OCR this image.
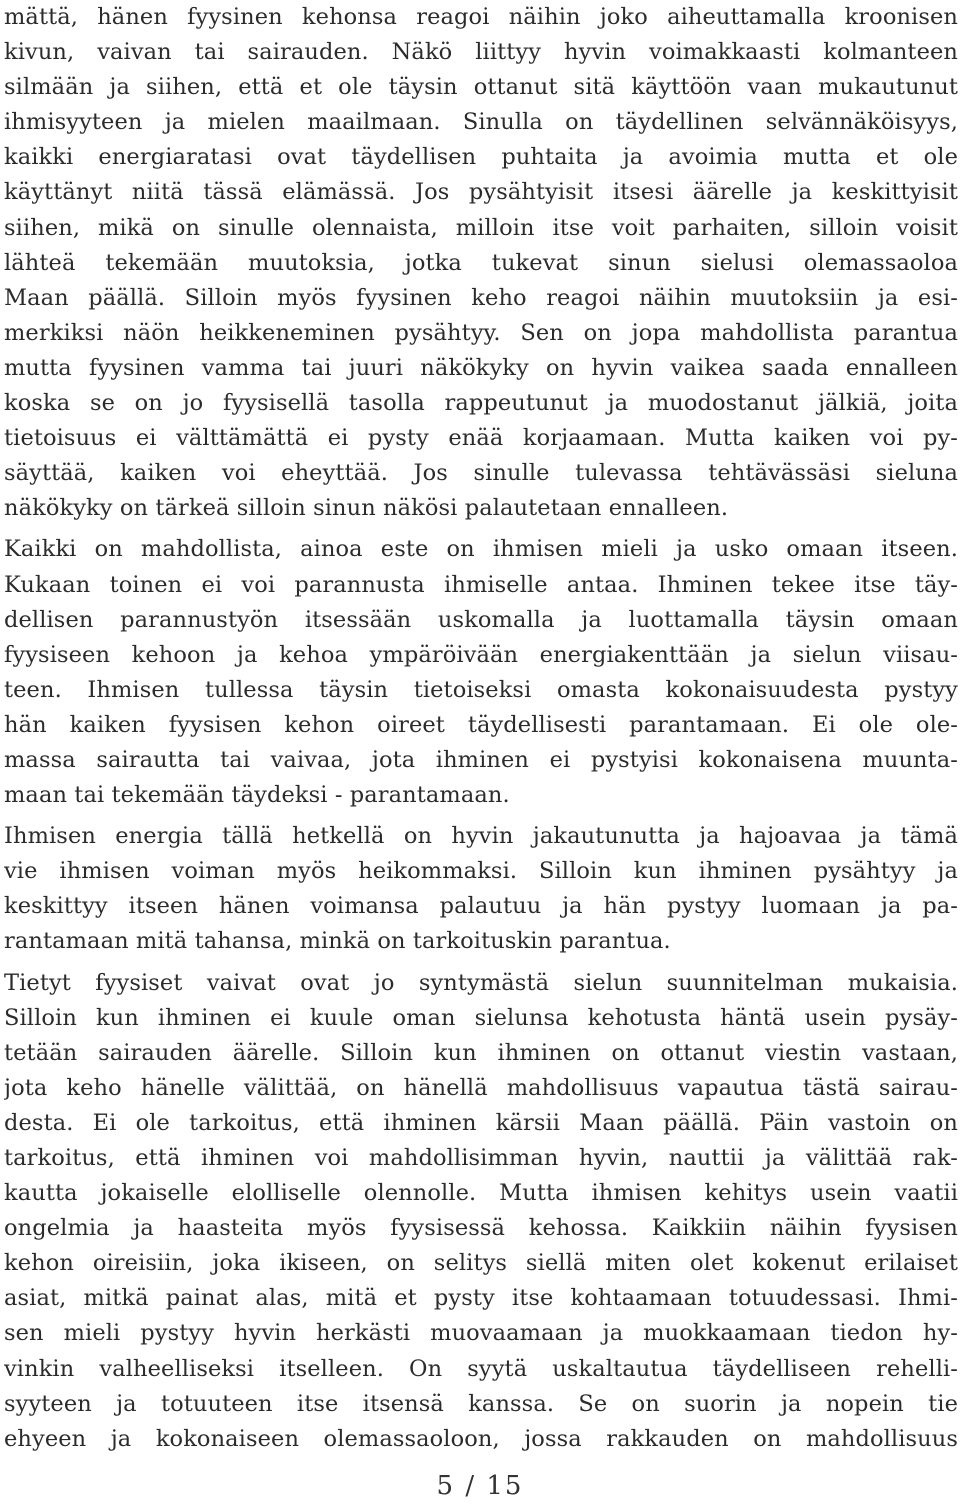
mättä, hänen fyysinen kehonsa reagoi näihin joko aiheuttamalla kroonisen
kivun, vaivan tai sairauden. Näkö liittyy hyvin voimakkaasti kolmanteen
silmään ja siihen, että et ole täysin ottanut sitä käyttöön vaan mukautunut
ihmisyyteen ja mielen maailmaan. Sinulla on täydellinen selvännäköisyys,
kaikki energiaratasi ovat täydellisen puhtaita ja avoimia mutta et ole
käyttänyt niitä tässä elämässä. Jos pysähtyisit itsesi äärelle ja keskittyisit
siihen, mikä on sinulle olennaista, milloin itse voit parhaiten, silloin voisit
lähteä tekemään muutoksia, jotka tukevat sinun sielusi olemassaoloa
Maan päällä. Silloin myös fyysinen keho reagoi näihin muutoksiin ja esi-
merkiksi näön heikkeneminen pysähtyy. Sen on jopa mahdollista parantua
mutta fyysinen vamma tai juuri näkökyky on hyvin vaikea saada ennalleen
koska se on jo fyysisellä tasolla rappeutunut ja muodostanut jälkiä, joita
tietoisuus ei välttämättä ei pysty enää korjaamaan. Mutta kaiken voi py-
säyttää, kaiken voi eheyttää. Jos sinulle tulevassa tehtävässäsi sieluna
näkökyky on tärkeä silloin sinun näkösi palautetaan ennalleen.
Kaikki on mahdollista, ainoa este on ihmisen mieli ja usko omaan itseen.
Kukaan toinen ei voi parannusta ihmiselle antaa. Ihminen tekee itse täy-
dellisen parannustyön itsessään uskomalla ja luottamalla täysin omaan
fyysiseen kehoon ja kehoa ympäröivään energiakenttään ja sielun viisau-
teen. Ihmisen tullessa täysin tietoiseksi omasta kokonaisuudesta pystyy
hän kaiken fyysisen kehon oireet täydellisesti parantamaan. Ei ole ole-
massa sairautta tai vaivaa, jota ihminen ei pystyisi kokonaisena muunta-
maan tai tekemään täydeksi - parantamaan.
Ihmisen energia tällä hetkellä on hyvin jakautunutta ja hajoavaa ja tämä
vie ihmisen voiman myös heikommaksi. Silloin kun ihminen pysähtyy ja
keskittyy itseen hänen voimansa palautuu ja hän pystyy luomaan ja pa-
rantamaan mitä tahansa, minkä on tarkoituskin parantua.
Tietyt fyysiset vaivat ovat jo syntymästä sielun suunnitelman mukaisia.
Silloin kun ihminen ei kuule oman sielunsa kehotusta häntä usein pysäy-
tetään sairauden äärelle. Silloin kun ihminen on ottanut viestin vastaan,
jota keho hänelle välittää, on hänellä mahdollisuus vapautua tästä sairau-
desta. Ei ole tarkoitus, että ihminen kärsii Maan päällä. Päin vastoin on
tarkoitus, että ihminen voi mahdollisimman hyvin, nauttii ja välittää rak-
kautta jokaiselle elolliselle olennolle. Mutta ihmisen kehitys usein vaatii
ongelmia ja haasteita myös fyysisessä kehossa. Kaikkiin näihin fyysisen
kehon oireisiin, joka ikiseen, on selitys siellä miten olet kokenut erilaiset
asiat, mitkä painat alas, mitä et pysty itse kohtaamaan totuudessasi. Ihmi-
sen mieli pystyy hyvin herkästi muovaamaan ja muokkaamaan tiedon hy-
vinkin valheelliseksi itselleen. On syytä uskaltautua täydelliseen rehelli-
syyteen ja totuuteen itse itsensä kanssa. Se on suorin ja nopein tie
ehyeen ja kokonaiseen olemassaoloon, jossa rakkauden on mahdollisuus
5 / 15
